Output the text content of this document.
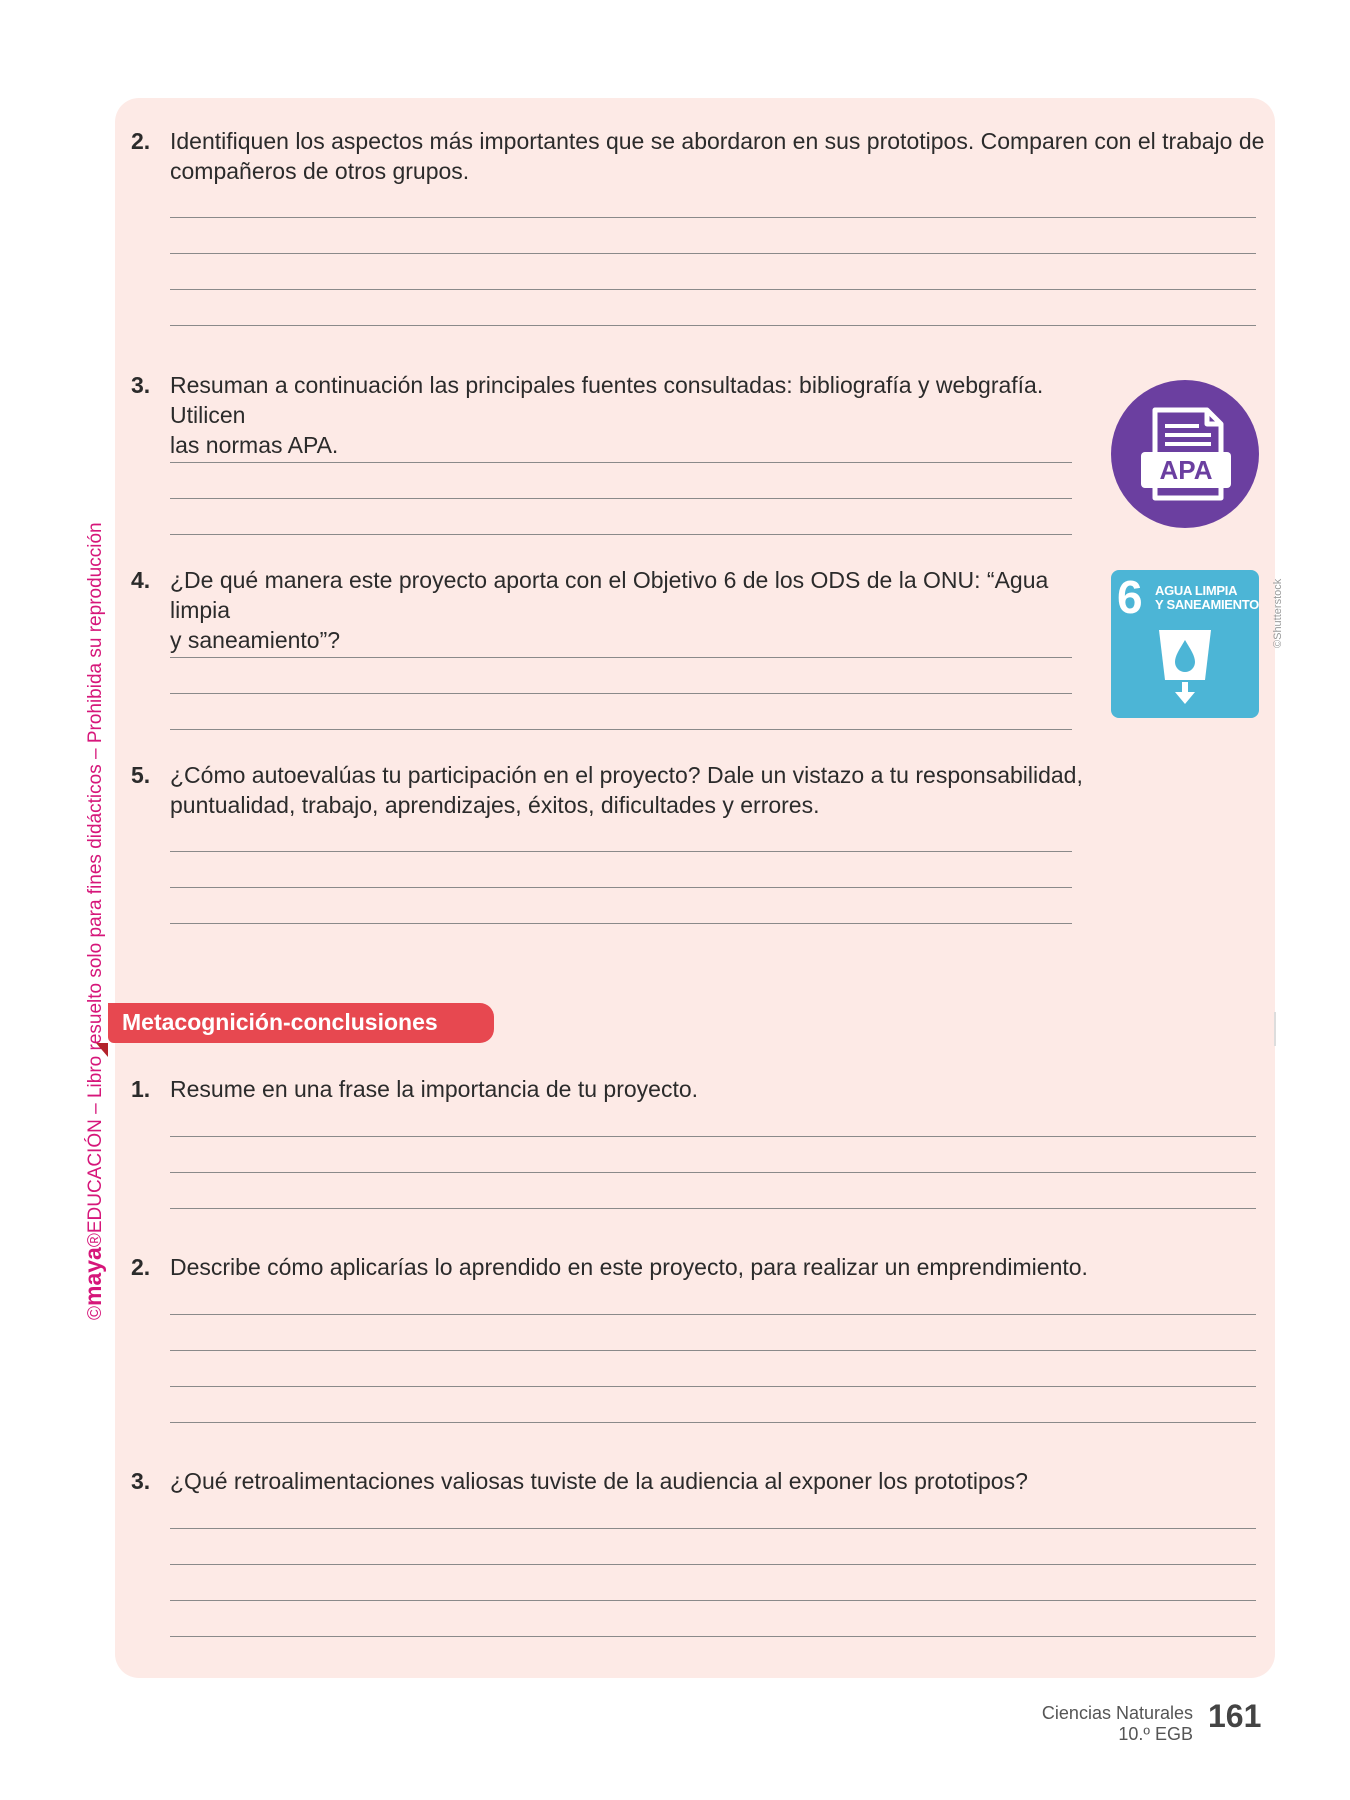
©maya®EDUCACIÓN – Libro resuelto solo para fines didácticos – Prohibida su reproducción
2. Identifiquen los aspectos más importantes que se abordaron en sus prototipos. Comparen con el trabajo de
compañeros de otros grupos.
3. Resuman a continuación las principales fuentes consultadas: bibliografía y webgrafía. Utilicen
las normas APA.
4. ¿De qué manera este proyecto aporta con el Objetivo 6 de los ODS de la ONU: “Agua limpia
y saneamiento”?
5. ¿Cómo autoevalúas tu participación en el proyecto? Dale un vistazo a tu responsabilidad,
puntualidad, trabajo, aprendizajes, éxitos, dificultades y errores.
APA
6 AGUA LIMPIA
Y SANEAMIENTO ©Shutterstock
Metacognición-conclusiones
1. Resume en una frase la importancia de tu proyecto.
2. Describe cómo aplicarías lo aprendido en este proyecto, para realizar un emprendimiento.
3. ¿Qué retroalimentaciones valiosas tuviste de la audiencia al exponer los prototipos?
Ciencias Naturales
10.º EGB 161
